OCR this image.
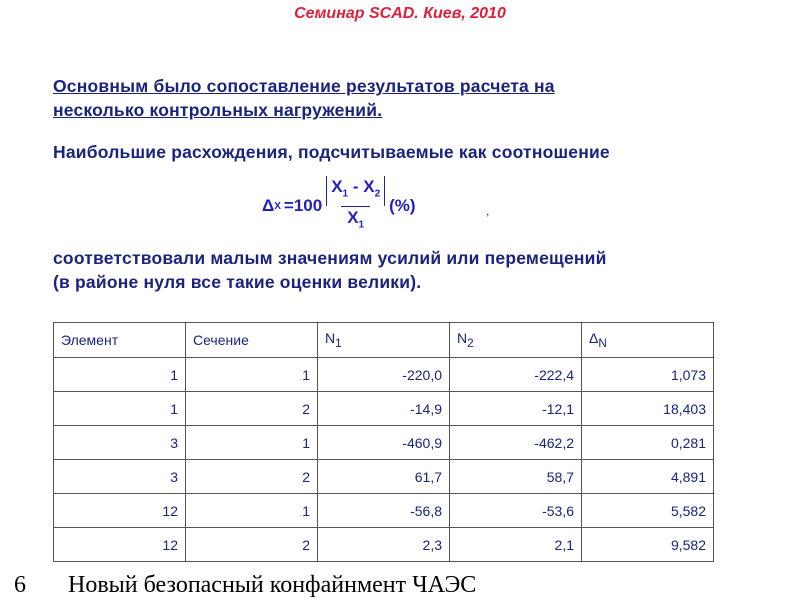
Семинар SCAD. Киев, 2010
Основным было сопоставление результатов расчета на
несколько контрольных нагружений.
Наибольшие расхождения, подсчитываемые как соотношение
Δ $X =100 \frac{X_1 - X_2}{X_1}$ (%)	,
соответствовали малым значениям усилий или перемещений
(в районе нуля все такие оценки велики).
Элемент	Сечение	$N_1$	$N_2$	$\Delta_N$
1	1	-220,0	-222,4	1,073
1	2	-14,9	-12,1	18,403
3	1	-460,9	-462,2	0,281
3	2	61,7	58,7	4,891
12	1	-56,8	-53,6	5,582
12	2	2,3	2,1	9,582
6 Новый безопасный конфайнмент ЧАЭС
